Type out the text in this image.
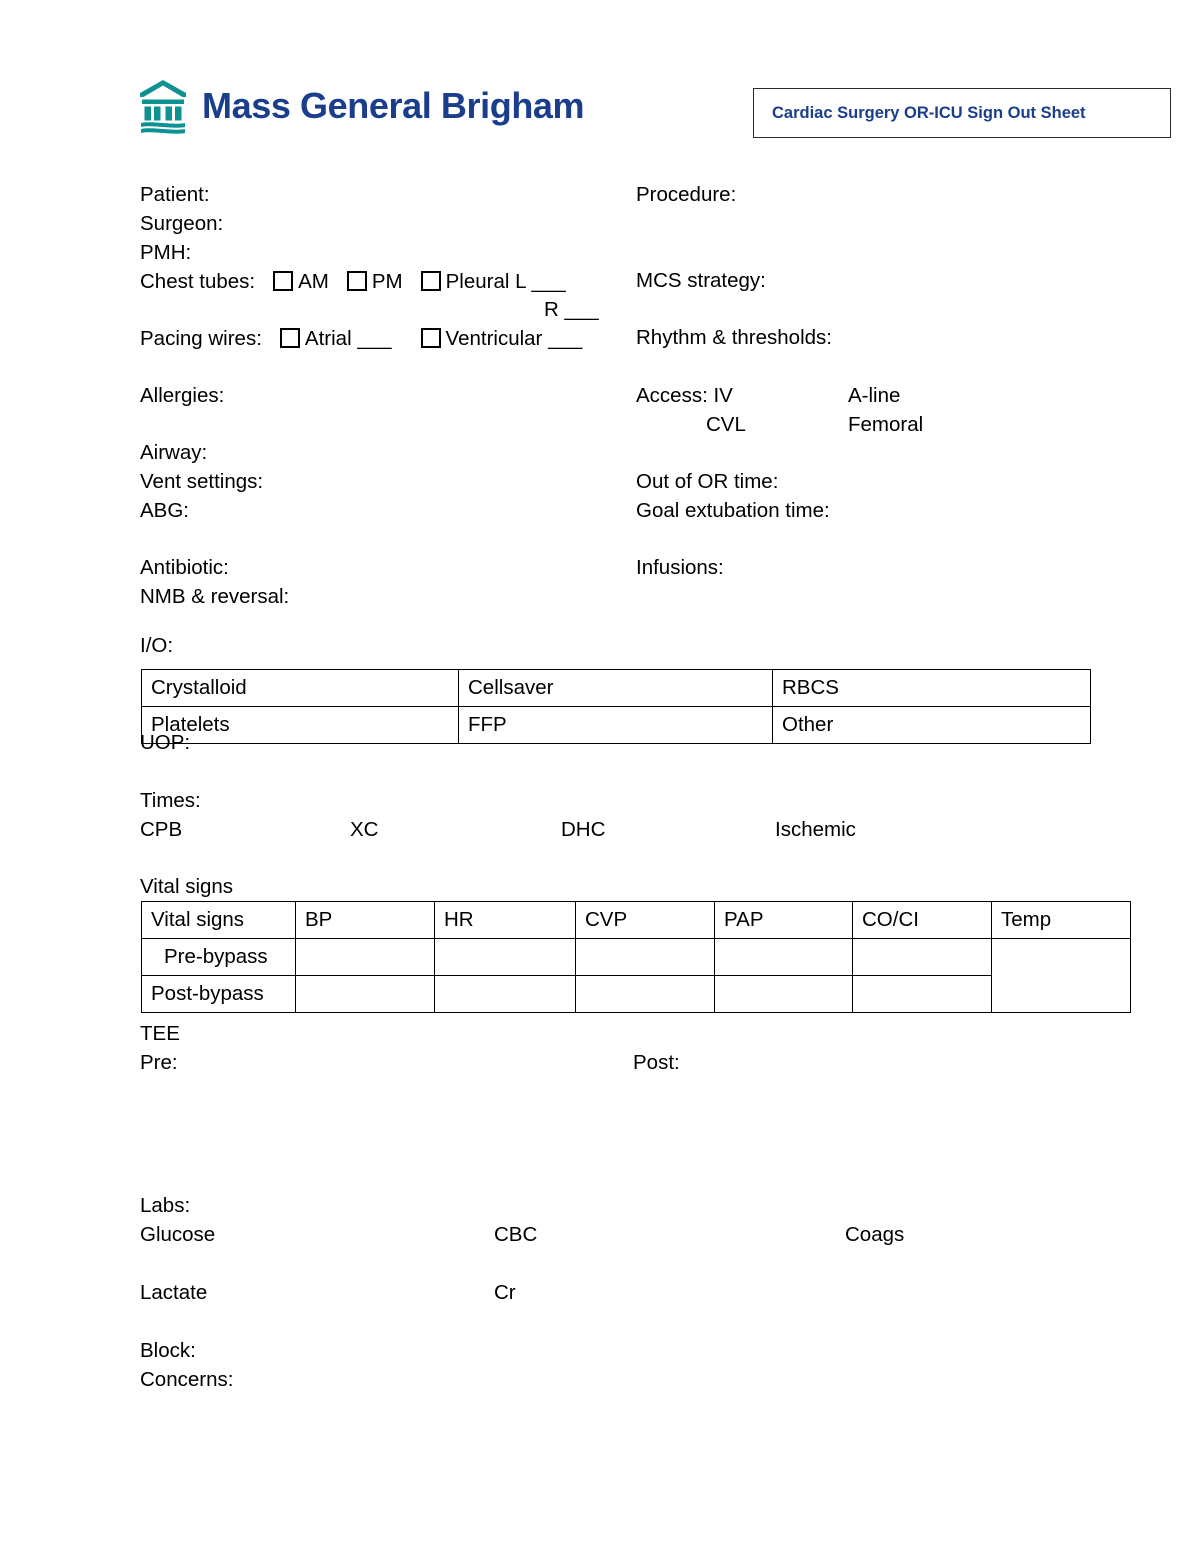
Mass General Brigham	Cardiac Surgery OR-ICU Sign Out Sheet
Patient:
Surgeon:
PMH:
Chest tubes: AM PM Pleural L ___
R ___
Pacing wires: Atrial ___	Ventricular ___
Allergies:
Airway:
Vent settings:
ABG:
Antibiotic:
NMB & reversal:
Procedure:
MCS strategy:
Rhythm & thresholds:
Access: IV	A-line
CVL	Femoral
Out of OR time:
Goal extubation time:
Infusions:
I/O:
Crystalloid	Cellsaver	RBCS
Platelets	FFP	Other
UOP:
Times:
CPB	XC	DHC	Ischemic
Vital signs
Vital signs	BP	HR	CVP	PAP	CO/CI	Temp
Pre-bypass						
Post-bypass						
TEE
Pre:	Post:
Labs:
Glucose	CBC	Coags
Lactate	Cr
Block:
Concerns:
